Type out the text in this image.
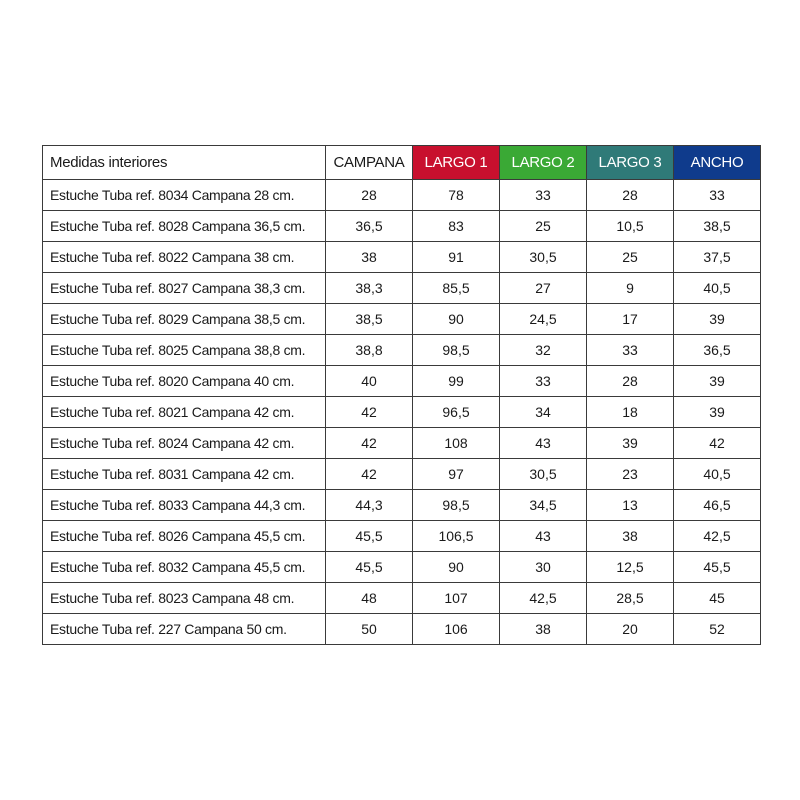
Medidas interiores	CAMPANA	LARGO 1	LARGO 2	LARGO 3	ANCHO
Estuche Tuba ref. 8034 Campana 28 cm.	28	78	33	28	33
Estuche Tuba ref. 8028 Campana 36,5 cm.	36,5	83	25	10,5	38,5
Estuche Tuba ref. 8022 Campana 38 cm.	38	91	30,5	25	37,5
Estuche Tuba ref. 8027 Campana 38,3 cm.	38,3	85,5	27	9	40,5
Estuche Tuba ref. 8029 Campana 38,5 cm.	38,5	90	24,5	17	39
Estuche Tuba ref. 8025 Campana 38,8 cm.	38,8	98,5	32	33	36,5
Estuche Tuba ref. 8020 Campana 40 cm.	40	99	33	28	39
Estuche Tuba ref. 8021 Campana 42 cm.	42	96,5	34	18	39
Estuche Tuba ref. 8024 Campana 42 cm.	42	108	43	39	42
Estuche Tuba ref. 8031 Campana 42 cm.	42	97	30,5	23	40,5
Estuche Tuba ref. 8033 Campana 44,3 cm.	44,3	98,5	34,5	13	46,5
Estuche Tuba ref. 8026 Campana 45,5 cm.	45,5	106,5	43	38	42,5
Estuche Tuba ref. 8032 Campana 45,5 cm.	45,5	90	30	12,5	45,5
Estuche Tuba ref. 8023 Campana 48 cm.	48	107	42,5	28,5	45
Estuche Tuba ref. 227 Campana 50 cm.	50	106	38	20	52
